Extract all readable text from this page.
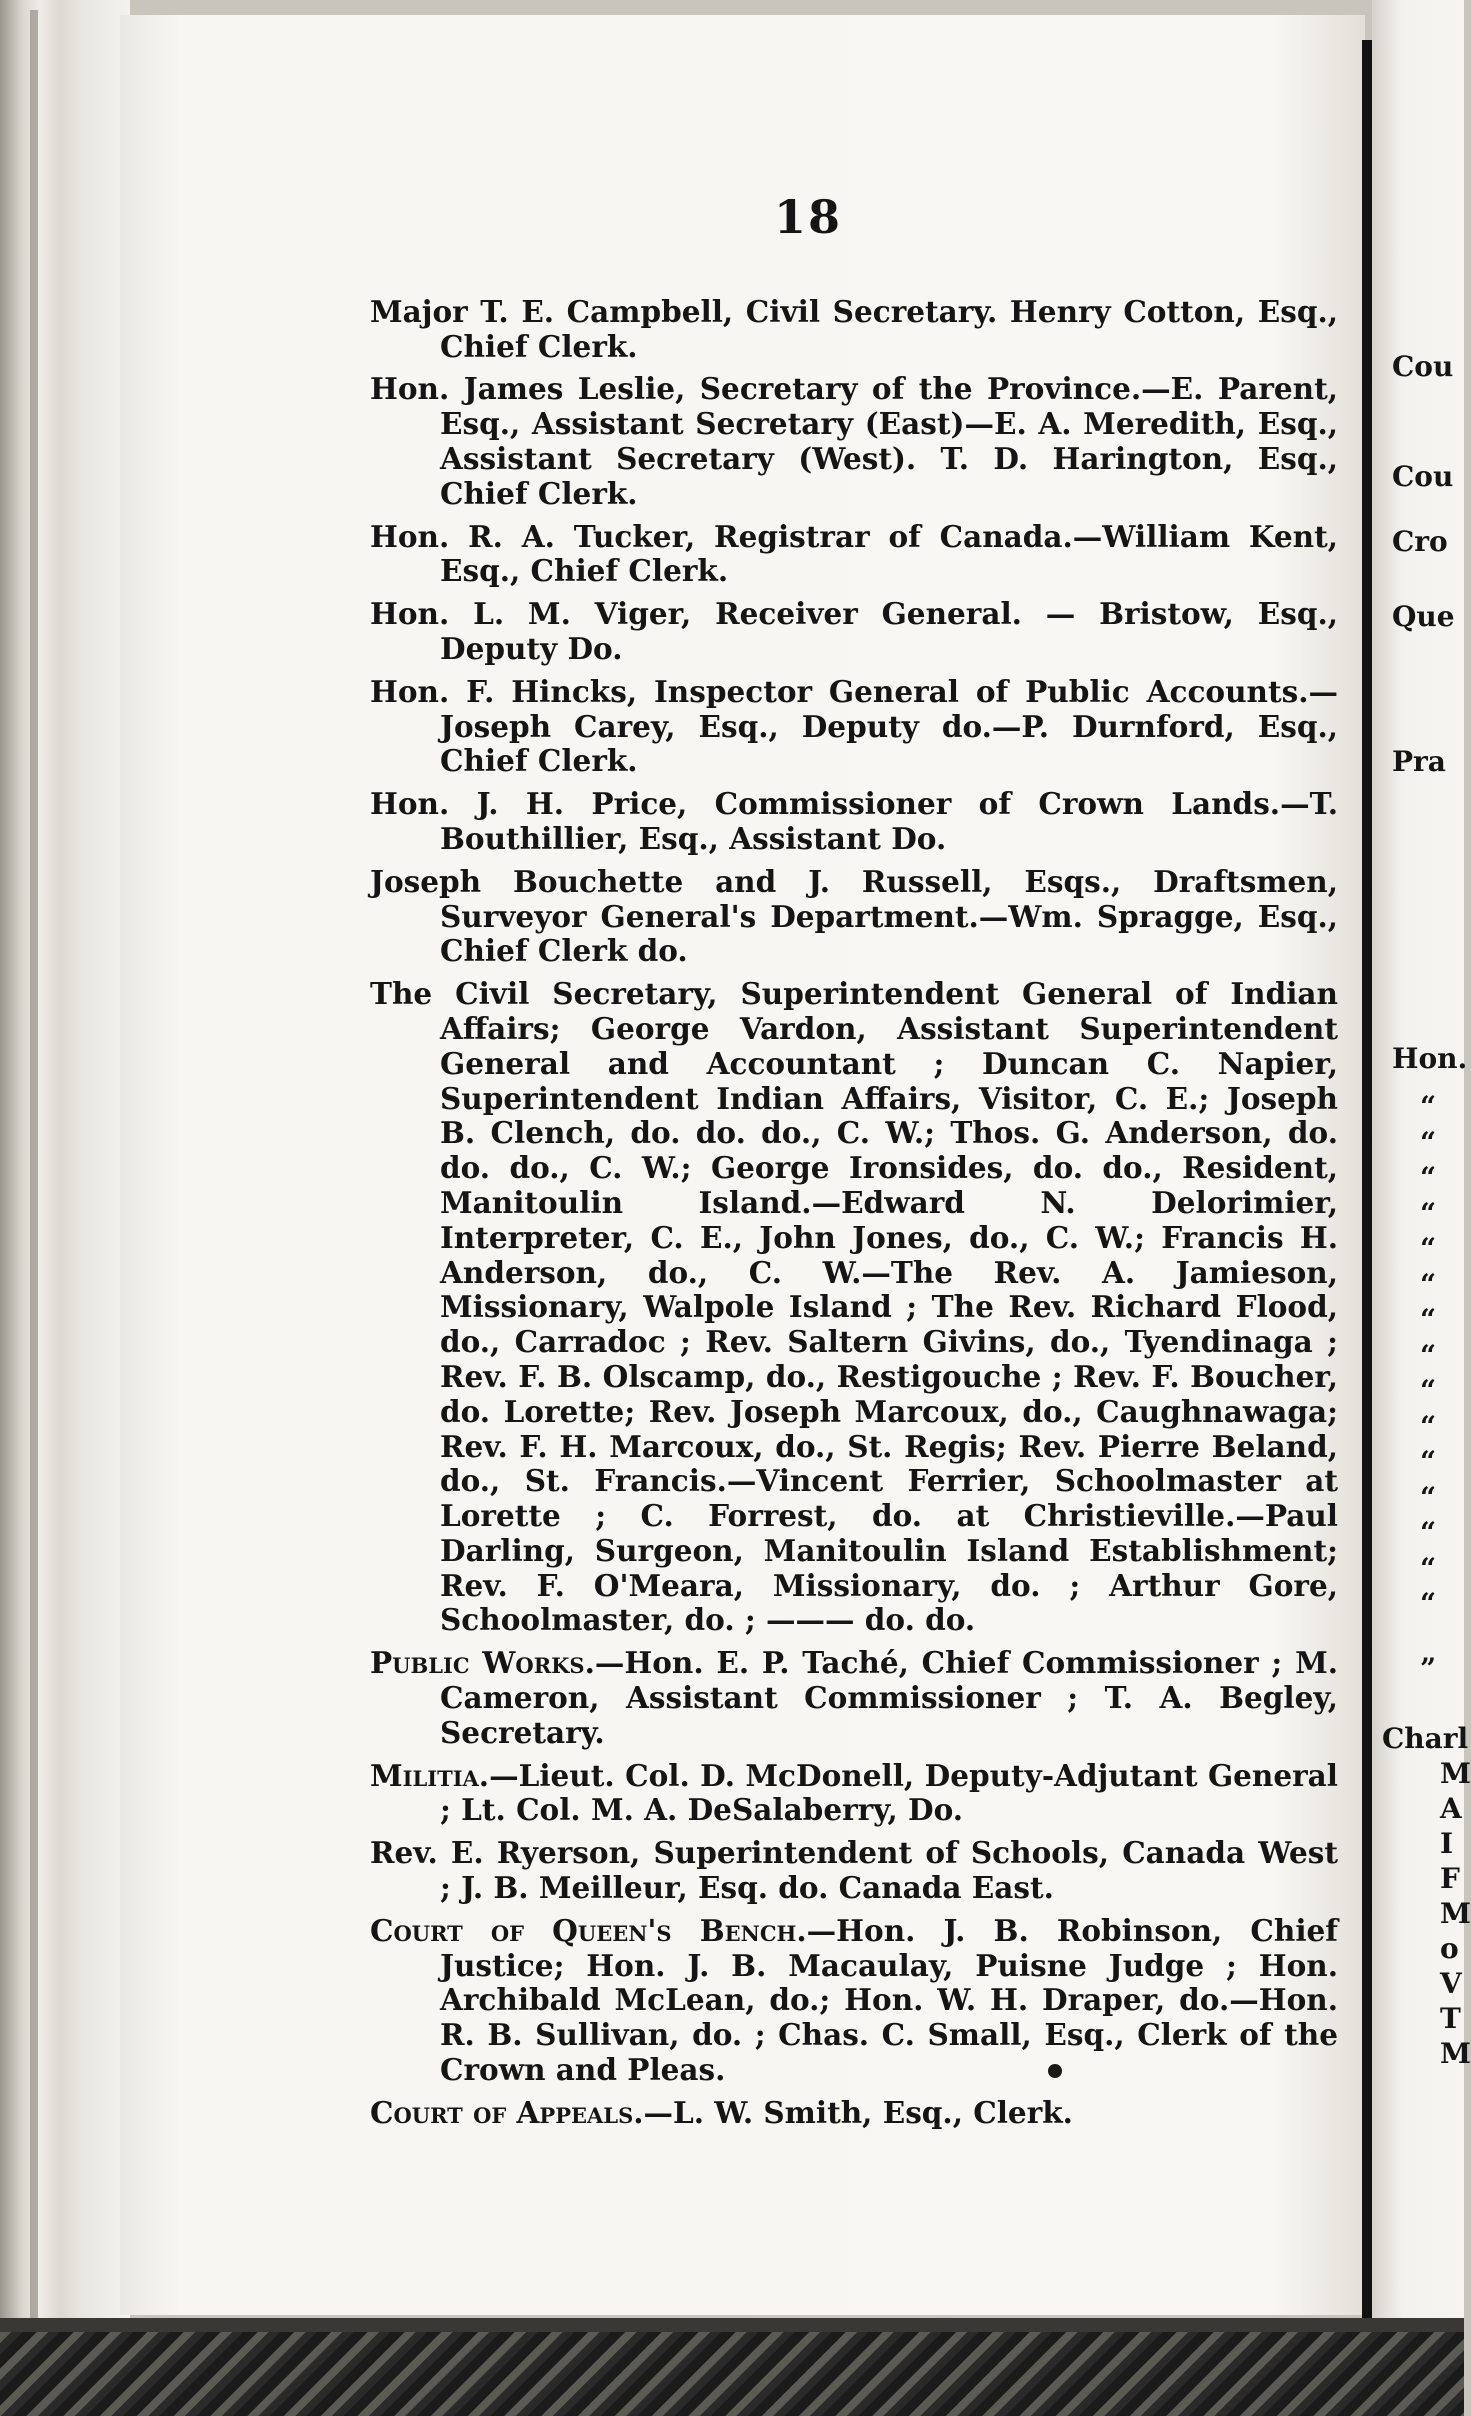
18

Major T. E. Campbell, Civil Secretary. Henry Cotton, Esq., Chief Clerk.

Hon. James Leslie, Secretary of the Province.—E. Parent, Esq., Assistant Secretary (East)—E. A. Meredith, Esq., Assistant Secretary (West). T. D. Harington, Esq., Chief Clerk.

Hon. R. A. Tucker, Registrar of Canada.—William Kent, Esq., Chief Clerk.

Hon. L. M. Viger, Receiver General. — Bristow, Esq., Deputy Do.

Hon. F. Hincks, Inspector General of Public Accounts.— Joseph Carey, Esq., Deputy do.—P. Durnford, Esq., Chief Clerk.

Hon. J. H. Price, Commissioner of Crown Lands.—T. Bouthillier, Esq., Assistant Do.

Joseph Bouchette and J. Russell, Esqs., Draftsmen, Surveyor General's Department.—Wm. Spragge, Esq., Chief Clerk do.

The Civil Secretary, Superintendent General of Indian Affairs; George Vardon, Assistant Superintendent General and Accountant ; Duncan C. Napier, Superintendent Indian Affairs, Visitor, C. E.; Joseph B. Clench, do. do. do., C. W.; Thos. G. Anderson, do. do. do., C. W.; George Ironsides, do. do., Resident, Manitoulin Island.—Edward N. Delorimier, Interpreter, C. E., John Jones, do., C. W.; Francis H. Anderson, do., C. W.—The Rev. A. Jamieson, Missionary, Walpole Island ; The Rev. Richard Flood, do., Carradoc ; Rev. Saltern Givins, do., Tyendinaga ; Rev. F. B. Olscamp, do., Restigouche ; Rev. F. Boucher, do. Lorette; Rev. Joseph Marcoux, do., Caughnawaga; Rev. F. H. Marcoux, do., St. Regis; Rev. Pierre Beland, do., St. Francis.—Vincent Ferrier, Schoolmaster at Lorette ; C. Forrest, do. at Christieville.—Paul Darling, Surgeon, Manitoulin Island Establishment; Rev. F. O'Meara, Missionary, do. ; Arthur Gore, Schoolmaster, do. ; ——— do. do.

Public Works.—Hon. E. P. Taché, Chief Commissioner ; M. Cameron, Assistant Commissioner ; T. A. Begley, Secretary.

Militia.—Lieut. Col. D. McDonell, Deputy-Adjutant General ; Lt. Col. M. A. DeSalaberry, Do.

Rev. E. Ryerson, Superintendent of Schools, Canada West ; J. B. Meilleur, Esq. do. Canada East.

Court of Queen's Bench.—Hon. J. B. Robinson, Chief Justice; Hon. J. B. Macaulay, Puisne Judge ; Hon. Archibald McLean, do.; Hon. W. H. Draper, do.—Hon. R. B. Sullivan, do. ; Chas. C. Small, Esq., Clerk of the Crown and Pleas.

Court of Appeals.—L. W. Smith, Esq., Clerk.

Cou
Cou
Cro
Que
Pra
Hon.
“
“
“
“
“
“
“
“
“
“
“
“
“
“
“
”
Charl
M
A
I
F
M
o
V
T
M
